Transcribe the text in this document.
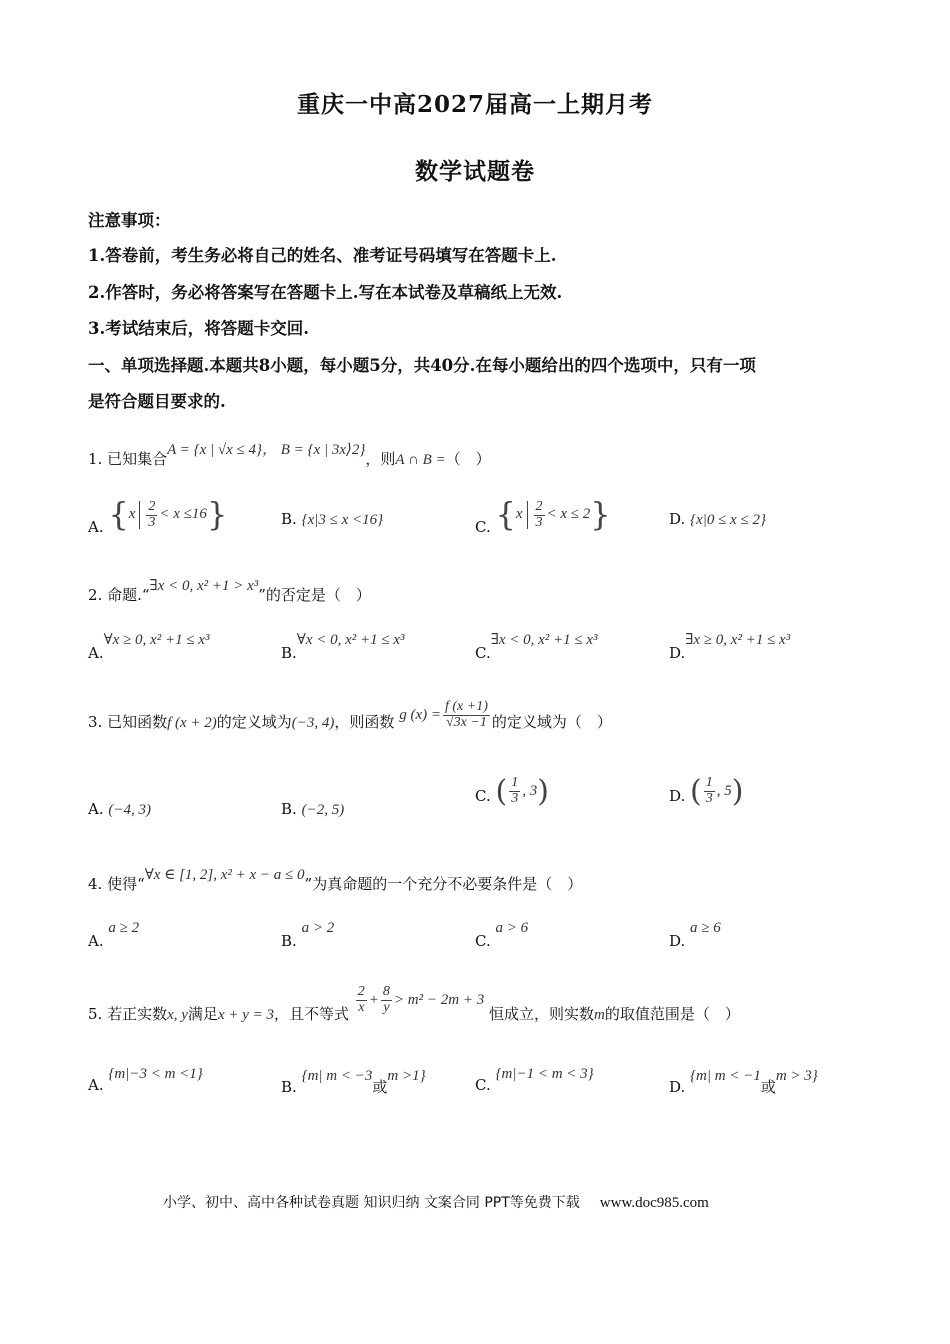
重庆一中高2027届高一上期月考
数学试题卷
注意事项：
1.答卷前，考生务必将自己的姓名、准考证号码填写在答题卡上.
2.作答时，务必将答案写在答题卡上.写在本试卷及草稿纸上无效.
3.考试结束后，将答题卡交回.
一、单项选择题.本题共8小题，每小题5分，共40分.在每小题给出的四个选项中，只有一项
是符合题目要求的.
1. 已知集合A = {x | √x ≤ 4}， B = {x | 3x⟩2}，则A ∩ B =（　）
A. $\{x \frac{2}{3} < x \le 16\}$	B. {x|3 ≤ x <16}	C. $\{x \frac{2}{3} < x \le 2\}$	D. {x|0 ≤ x ≤ 2}
2. 命题.“∃x < 0, x² +1 > x³”的否定是（　）
A.∀x ≥ 0, x² +1 ≤ x³
B.∀x < 0, x² +1 ≤ x³
C.∃x < 0, x² +1 ≤ x³
D.∃x ≥ 0, x² +1 ≤ x³
3. 已知函数f (x + 2)的定义域为(−3, 4)，则函数 g $(x) = \frac{f (x +1)}{√3x -1}$ 的定义域为（　）
A. (−4, 3)	B. (−2, 5)
C. ( $\frac{1}{3}$ , 3)	D. ( $\frac{1}{3}$ , 5)
4. 使得“∀x ∈ [1, 2], x² + x − a ≤ 0”为真命题的一个充分不必要条件是（　）
A. a ≥ 2
B. a > 2
C. a > 6
D. a ≥ 6
5. 若正实数x, y满足x + y = 3，且不等式 $\frac{2}{x} + \frac{8}{y} > m^2 - 2m + 3$ 恒成立，则实数m的取值范围是（　）
A. {m|−3 < m <1}
B. {m| m < −3或m >1}	C. {m|−1 < m < 3}
D. {m| m < −1或m > 3}
小学、初中、高中各种试卷真题 知识归纳 文案合同 PPT等免费下载 www.doc985.com
